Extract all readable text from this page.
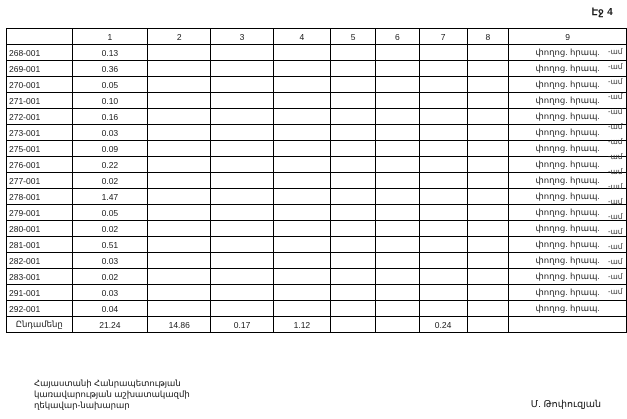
Էջ 4
	1	2	3	4	5	6	7	8	9
268-001	0.13								փողոց. հրապ.
269-001	0.36								փողոց. հրապ.
270-001	0.05								փողոց. հրապ.
271-001	0.10								փողոց. հրապ.
272-001	0.16								փողոց. հրապ.
273-001	0.03								փողոց. հրապ.
275-001	0.09								փողոց. հրապ.
276-001	0.22								փողոց. հրապ.
277-001	0.02								փողոց. հրապ.
278-001	1.47								փողոց. հրապ.
279-001	0.05								փողոց. հրապ.
280-001	0.02								փողոց. հրապ.
281-001	0.51								փողոց. հրապ.
282-001	0.03								փողոց. հրապ.
283-001	0.02								փողոց. հրապ.
291-001	0.03								փողոց. հրապ.
292-001	0.04								փողոց. հրապ.
Ընդամենը	21.24	14.86	0.17	1.12			0.24		
-ամ
-ամ
-ամ
-ամ
-ամ
-ամ
-ամ
-ամ
-ամ
-ամ
-ամ
-ամ
-ամ
-ամ
-ամ
-ամ
-ամ
Հայաստանի Հանրապետության
կառավարության աշխատակազմի
ղեկավար-նախարար	Մ. Թոփուզյան
